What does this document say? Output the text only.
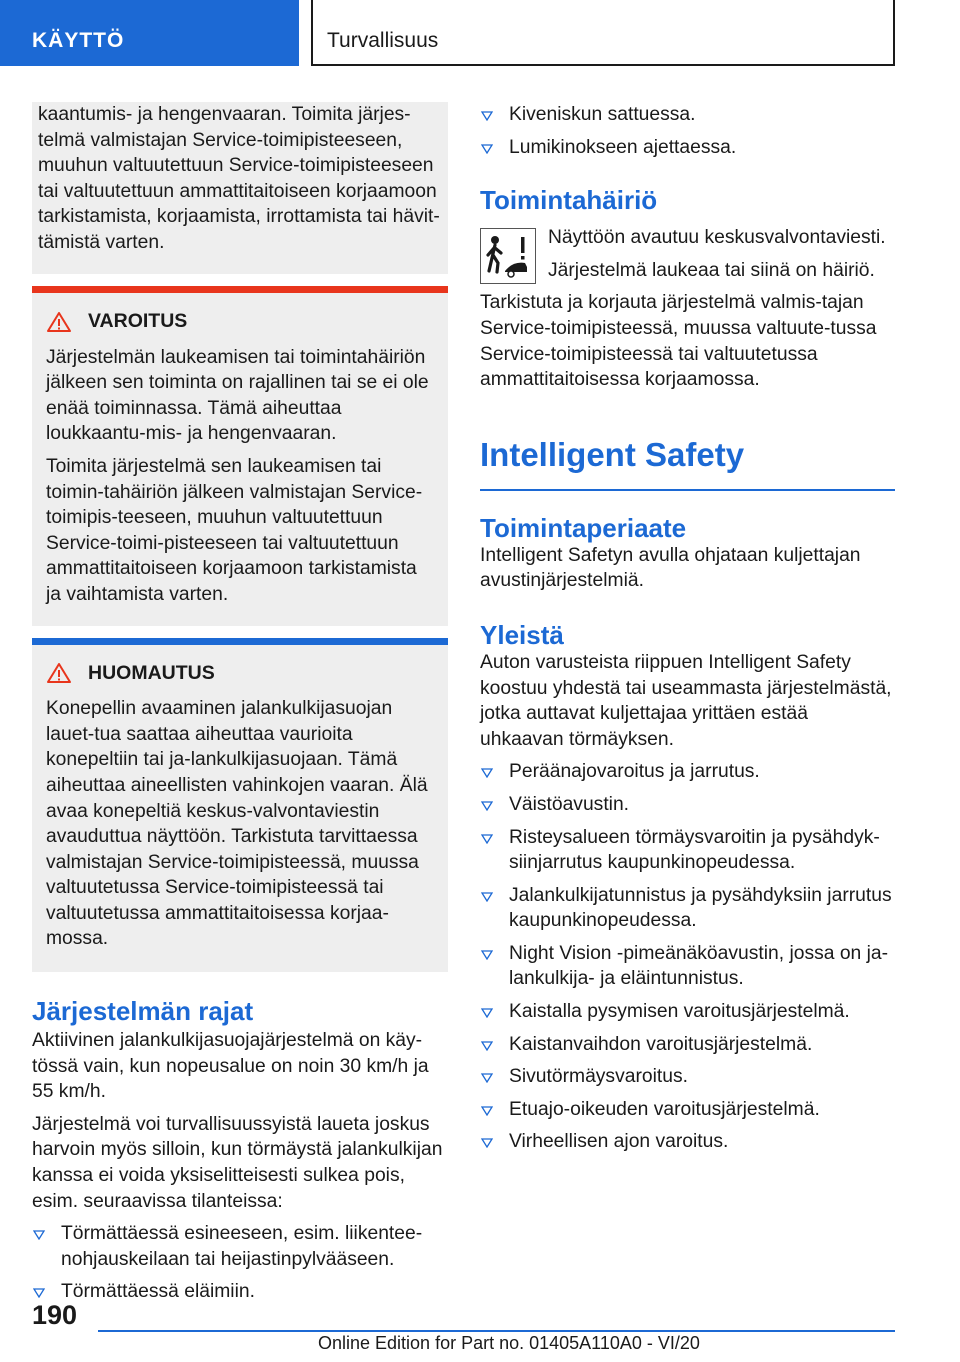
KÄYTTÖ	Turvallisuus

kaantumis- ja hengenvaaran. Toimita järjes-

telmä valmistajan Service-toimipisteeseen,

muuhun valtuutettuun Service-toimipisteeseen

tai valtuutettuun ammattitaitoiseen korjaamoon

tarkistamista, korjaamista, irrottamista tai hävit-

tämistä varten.

VAROITUS

Järjestelmän laukeamisen tai toimintahäiriön jälkeen sen toiminta on rajallinen tai se ei ole enää toiminnassa. Tämä aiheuttaa loukkaantu-mis- ja hengenvaaran.

Toimita järjestelmä sen laukeamisen tai toimin-tahäiriön jälkeen valmistajan Service-toimipis-teeseen, muuhun valtuutettuun Service-toimi-pisteeseen tai valtuutettuun ammattitaitoiseen korjaamoon tarkistamista ja vaihtamista varten.

HUOMAUTUS

Konepellin avaaminen jalankulkijasuojan lauet-tua saattaa aiheuttaa vaurioita konepeltiin tai ja-lankulkijasuojaan. Tämä aiheuttaa aineellisten vahinkojen vaaran. Älä avaa konepeltiä keskus-valvontaviestin avauduttua näyttöön. Tarkistuta tarvittaessa valmistajan Service-toimipisteessä, muussa valtuutetussa Service-toimipisteessä tai valtuutetussa ammattitaitoisessa korjaa-mossa.

Järjestelmän rajat

Aktiivinen jalankulkijasuojajärjestelmä on käy-tössä vain, kun nopeusalue on noin 30 km/h ja 55 km/h.

Järjestelmä voi turvallisuussyistä laueta joskus harvoin myös silloin, kun törmäystä jalankulkijan kanssa ei voida yksiselitteisesti sulkea pois, esim. seuraavissa tilanteissa:

Törmättäessä esineeseen, esim. liikentee-nohjauskeilaan tai heijastinpylvääseen.
Törmättäessä eläimiin.
Kiveniskun sattuessa.
Lumikinokseen ajettaessa.
Toimintahäiriö

Näyttöön avautuu keskusvalvontaviesti.

Järjestelmä laukeaa tai siinä on häiriö.

Tarkistuta ja korjauta järjestelmä valmis-tajan Service-toimipisteessä, muussa valtuute-tussa Service-toimipisteessä tai valtuutetussa ammattitaitoisessa korjaamossa.

Intelligent Safety
Toimintaperiaate

Intelligent Safetyn avulla ohjataan kuljettajan avustinjärjestelmiä.

Yleistä

Auton varusteista riippuen Intelligent Safety koostuu yhdestä tai useammasta järjestelmästä, jotka auttavat kuljettajaa yrittäen estää uhkaavan törmäyksen.

Peräänajovaroitus ja jarrutus.
Väistöavustin.
Risteysalueen törmäysvaroitin ja pysähdyk-siinjarrutus kaupunkinopeudessa.
Jalankulkijatunnistus ja pysähdyksiin jarrutus kaupunkinopeudessa.
Night Vision -pimeänäköavustin, jossa on ja-lankulkija- ja eläintunnistus.
Kaistalla pysymisen varoitusjärjestelmä.
Kaistanvaihdon varoitusjärjestelmä.
Sivutörmäysvaroitus.
Etuajo-oikeuden varoitusjärjestelmä.
Virheellisen ajon varoitus.
190
Online Edition for Part no. 01405A110A0 - VI/20
